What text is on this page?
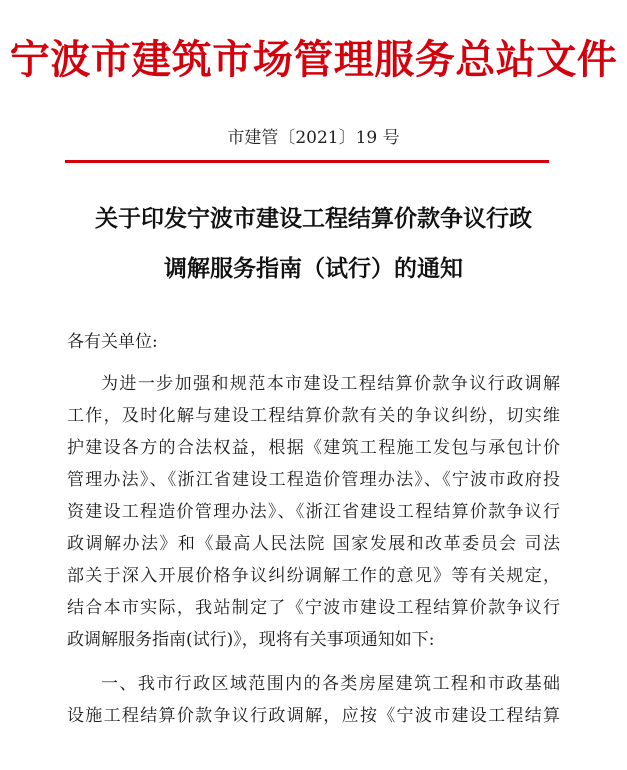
宁波市建筑市场管理服务总站文件
市建管〔2021〕19 号
关于印发宁波市建设工程结算价款争议行政
调解服务指南（试行）的通知
各有关单位:
为进一步加强和规范本市建设工程结算价款争议行政调解
工作，及时化解与建设工程结算价款有关的争议纠纷，切实维
护建设各方的合法权益，根据《建筑工程施工发包与承包计价
管理办法》、《浙江省建设工程造价管理办法》、《宁波市政府投
资建设工程造价管理办法》、《浙江省建设工程结算价款争议行
政调解办法》和《最高人民法院 国家发展和改革委员会 司法
部关于深入开展价格争议纠纷调解工作的意见》等有关规定，
结合本市实际，我站制定了《宁波市建设工程结算价款争议行
政调解服务指南(试行)》，现将有关事项通知如下:
一、我市行政区域范围内的各类房屋建筑工程和市政基础
设施工程结算价款争议行政调解，应按《宁波市建设工程结算
